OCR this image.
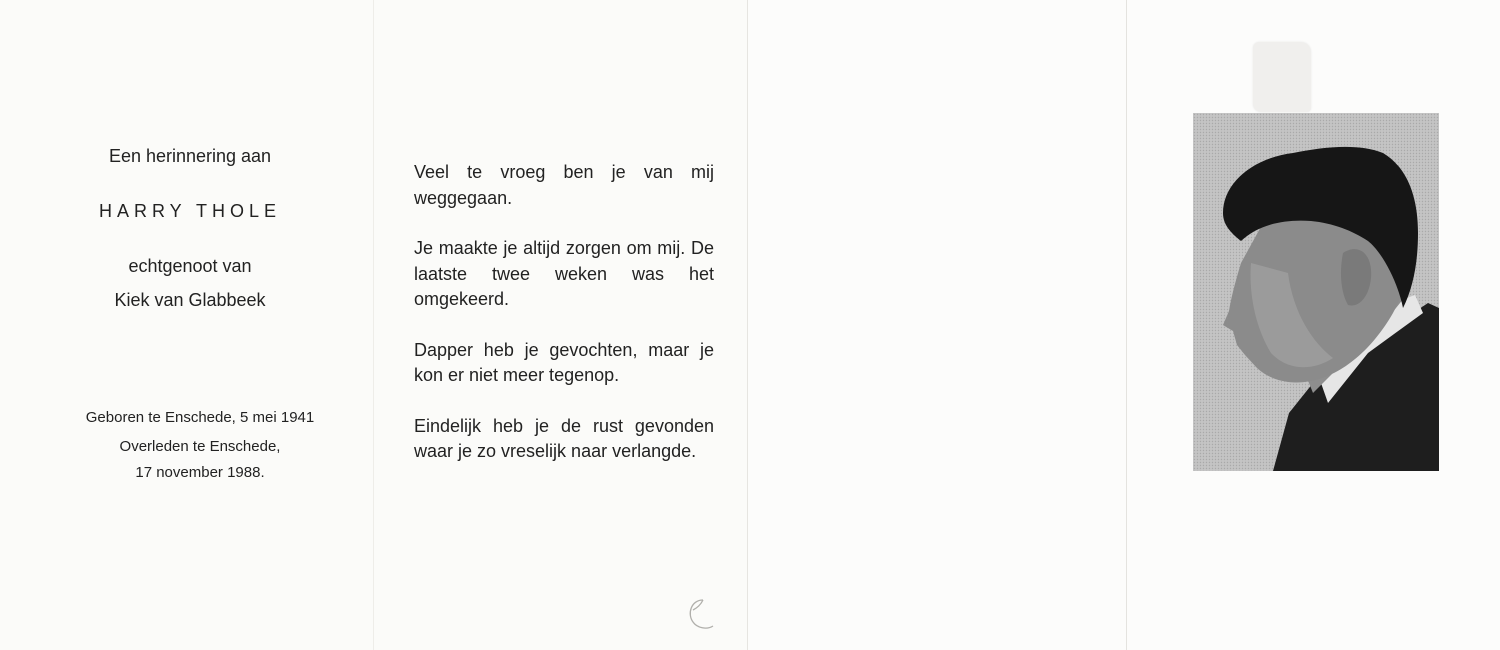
Een herinnering aan
HARRY THOLE
echtgenoot van
Kiek van Glabbeek
Geboren te Enschede, 5 mei 1941
Overleden te Enschede,
17 november 1988.

Veel te vroeg ben je van mij weggegaan.

Je maakte je altijd zorgen om mij. De laatste twee weken was het omgekeerd.

Dapper heb je gevochten, maar je kon er niet meer tegenop.

Eindelijk heb je de rust gevonden waar je zo vreselijk naar verlangde.
